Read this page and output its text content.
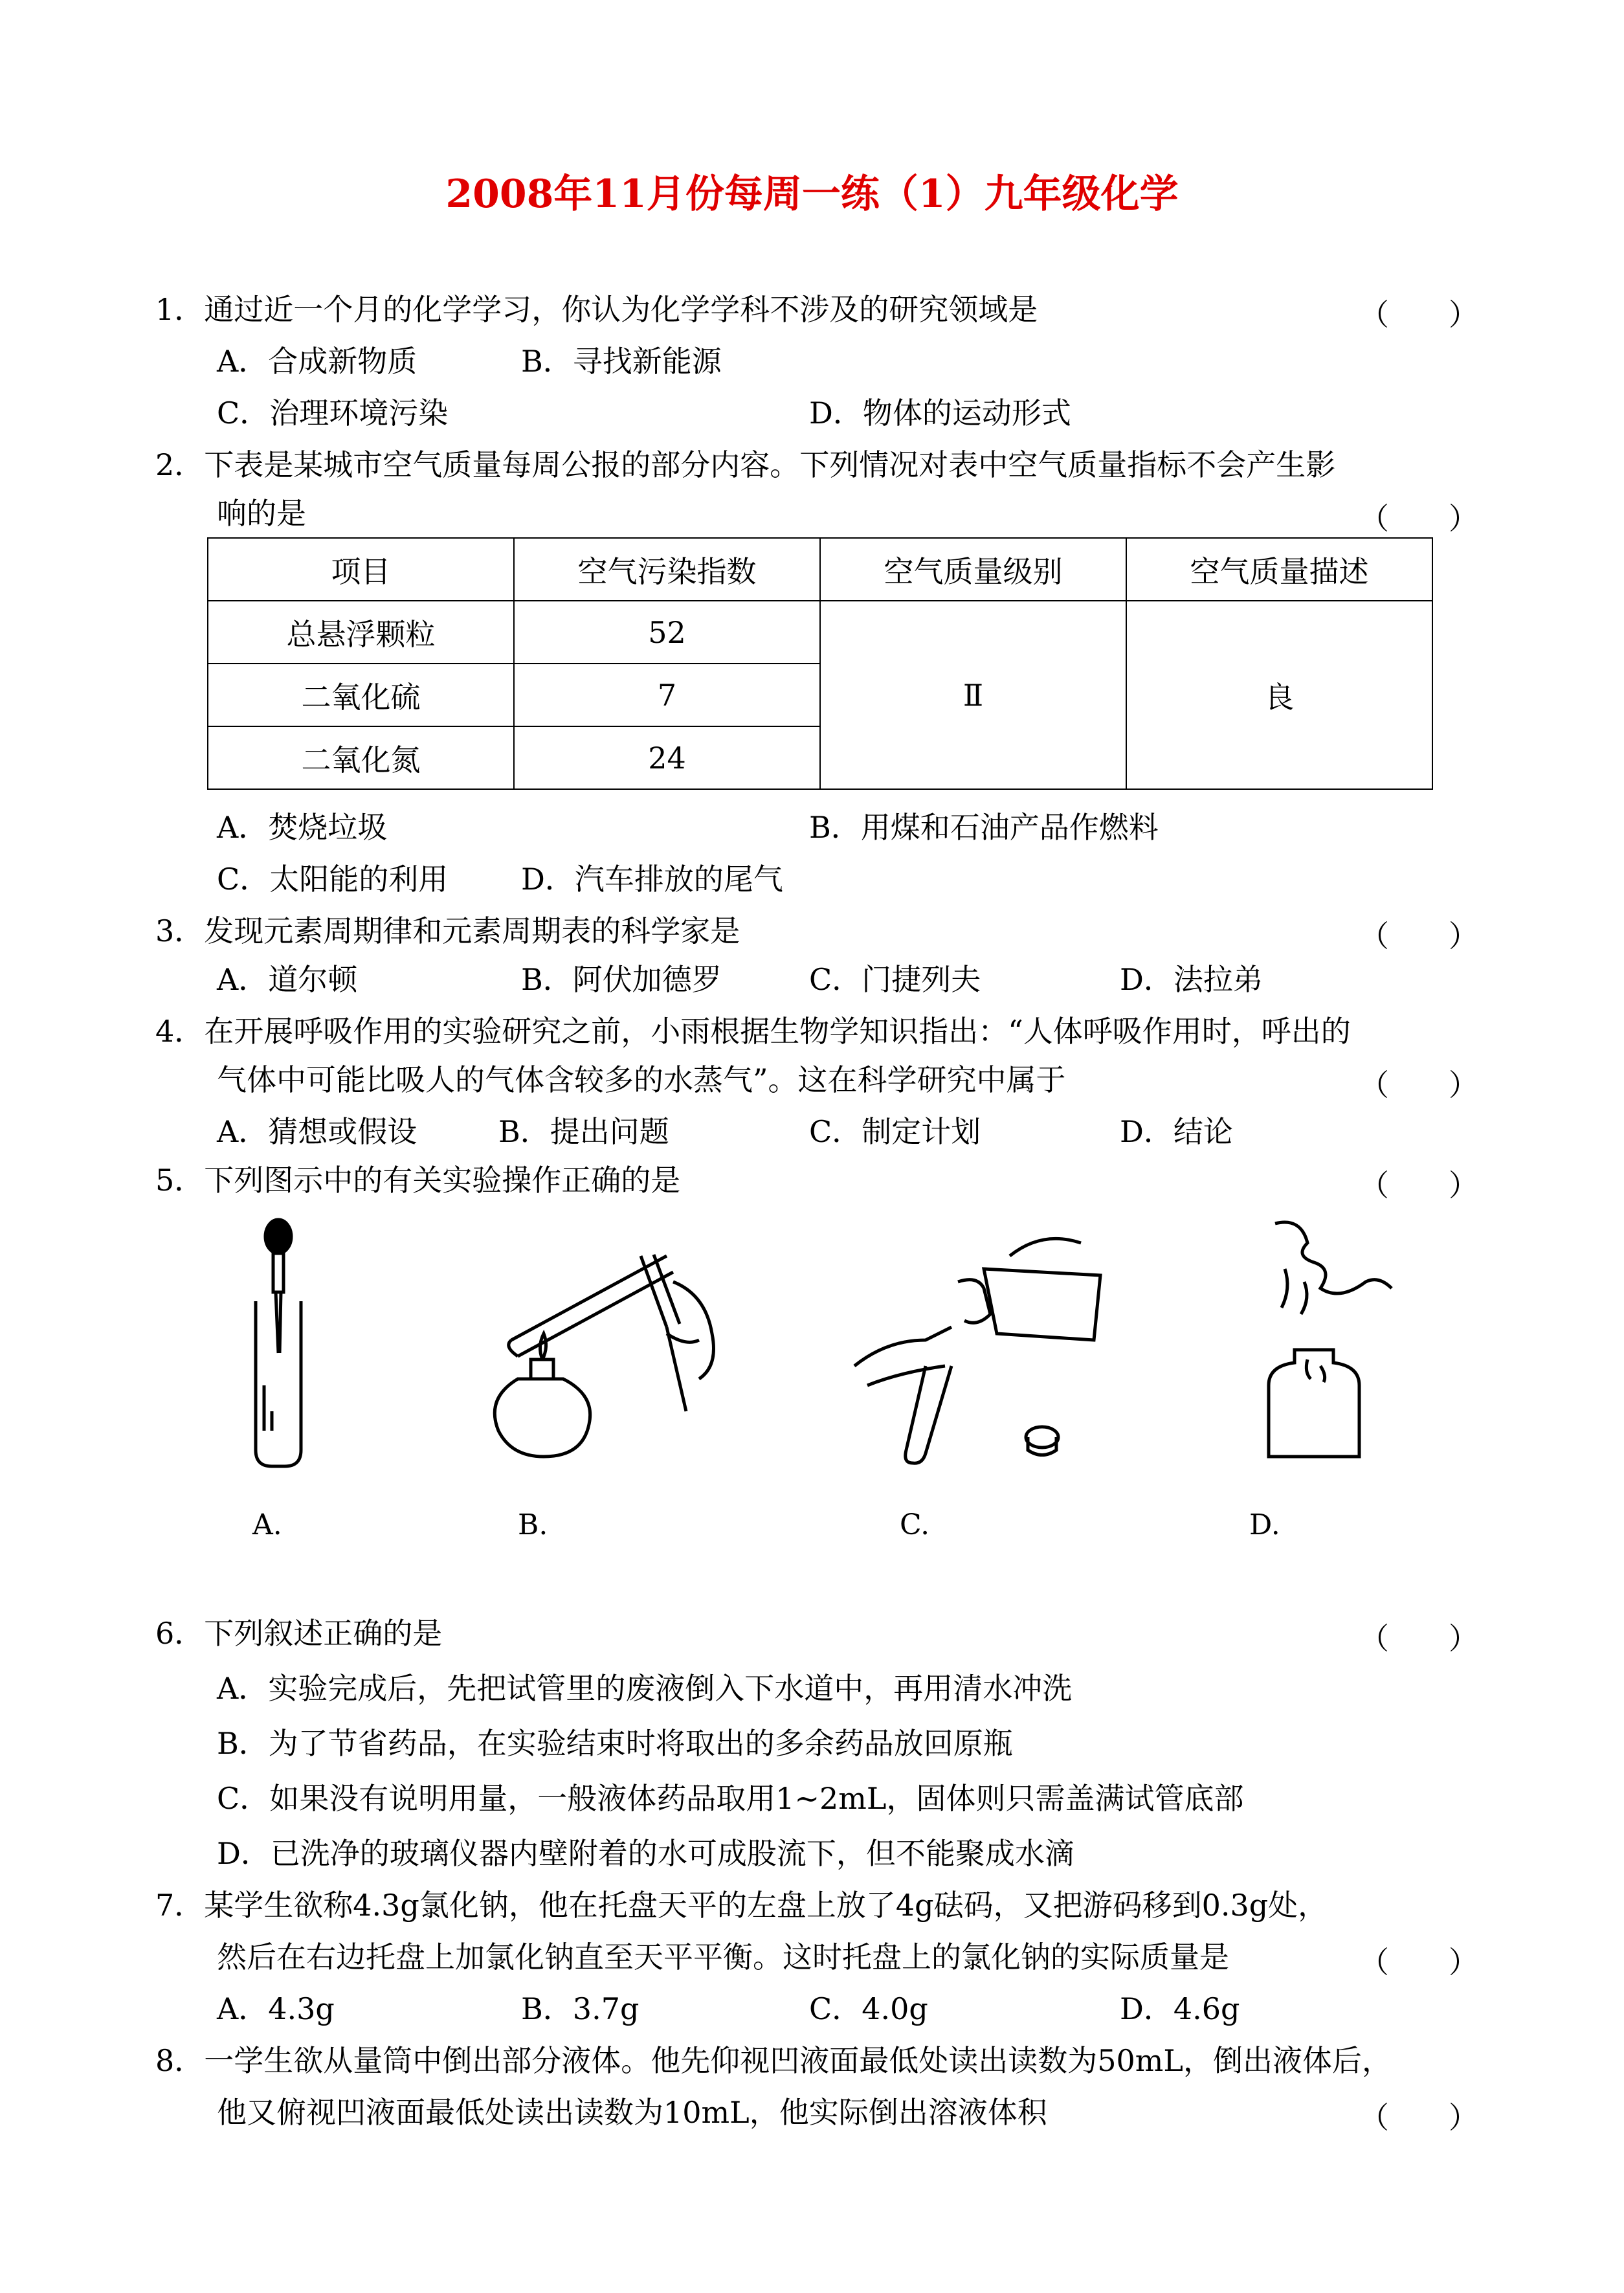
2008年11月份每周一练（1）九年级化学
1．通过近一个月的化学学习，你认为化学学科不涉及的研究领域是	（　　）
A．合成新物质	B．寻找新能源
C．治理环境污染	D．物体的运动形式
2．下表是某城市空气质量每周公报的部分内容。下列情况对表中空气质量指标不会产生影
响的是	（　　）
项目	空气污染指数	空气质量级别	空气质量描述
总悬浮颗粒	52	Ⅱ	良
二氧化硫	7		
二氧化氮	24		
A．焚烧垃圾	B．用煤和石油产品作燃料
C．太阳能的利用 D．汽车排放的尾气
3．发现元素周期律和元素周期表的科学家是	（　　）
A．道尔顿	B．阿伏加德罗	C．门捷列夫	D．法拉弟
4．在开展呼吸作用的实验研究之前，小雨根据生物学知识指出：“人体呼吸作用时，呼出的
气体中可能比吸人的气体含较多的水蒸气”。这在科学研究中属于	（　　）
A．猜想或假设	B．提出问题	C．制定计划	D．结论
5．下列图示中的有关实验操作正确的是	（　　）
A.	B.	C.	D.
6．下列叙述正确的是	（　　）
A．实验完成后，先把试管里的废液倒入下水道中，再用清水冲洗
B．为了节省药品，在实验结束时将取出的多余药品放回原瓶
C．如果没有说明用量，一般液体药品取用1~2mL，固体则只需盖满试管底部
D．已洗净的玻璃仪器内壁附着的水可成股流下，但不能聚成水滴
7．某学生欲称4.3g氯化钠，他在托盘天平的左盘上放了4g砝码，又把游码移到0.3g处，
然后在右边托盘上加氯化钠直至天平平衡。这时托盘上的氯化钠的实际质量是	（　　）
A．4.3g	B．3.7g	C．4.0g	D．4.6g
8．一学生欲从量筒中倒出部分液体。他先仰视凹液面最低处读出读数为50mL，倒出液体后，
他又俯视凹液面最低处读出读数为10mL，他实际倒出溶液体积	（　　）
